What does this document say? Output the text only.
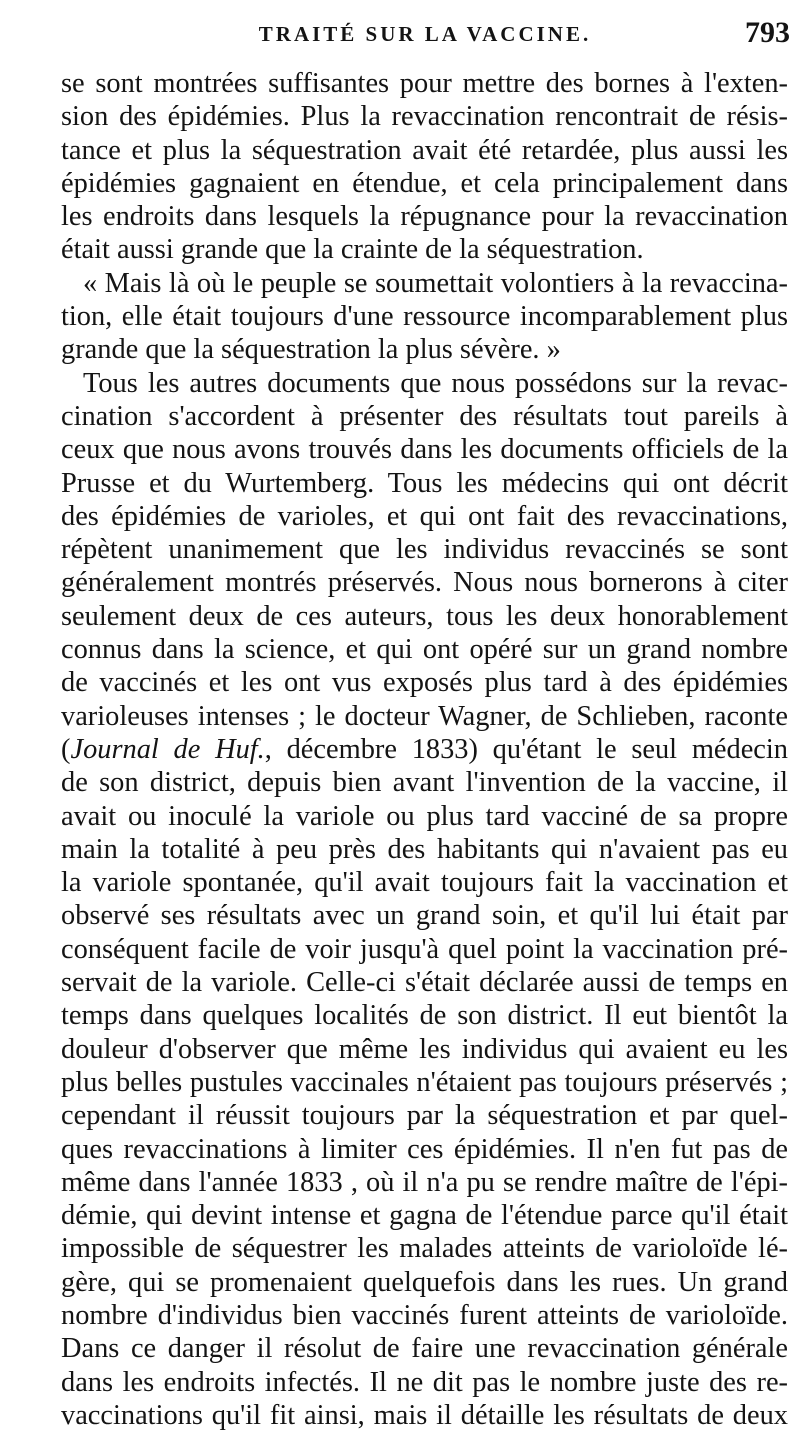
TRAITÉ SUR LA VACCINE.	793
se sont montrées suffisantes pour mettre des bornes à l'exten-
sion des épidémies. Plus la revaccination rencontrait de résis-
tance et plus la séquestration avait été retardée, plus aussi les
épidémies gagnaient en étendue, et cela principalement dans
les endroits dans lesquels la répugnance pour la revaccination
était aussi grande que la crainte de la séquestration.
« Mais là où le peuple se soumettait volontiers à la revaccina-
tion, elle était toujours d'une ressource incomparablement plus
grande que la séquestration la plus sévère. »
Tous les autres documents que nous possédons sur la revac-
cination s'accordent à présenter des résultats tout pareils à
ceux que nous avons trouvés dans les documents officiels de la
Prusse et du Wurtemberg. Tous les médecins qui ont décrit
des épidémies de varioles, et qui ont fait des revaccinations,
répètent unanimement que les individus revaccinés se sont
généralement montrés préservés. Nous nous bornerons à citer
seulement deux de ces auteurs, tous les deux honorablement
connus dans la science, et qui ont opéré sur un grand nombre
de vaccinés et les ont vus exposés plus tard à des épidémies
varioleuses intenses ; le docteur Wagner, de Schlieben, raconte
(Journal de Huf., décembre 1833) qu'étant le seul médecin
de son district, depuis bien avant l'invention de la vaccine, il
avait ou inoculé la variole ou plus tard vacciné de sa propre
main la totalité à peu près des habitants qui n'avaient pas eu
la variole spontanée, qu'il avait toujours fait la vaccination et
observé ses résultats avec un grand soin, et qu'il lui était par
conséquent facile de voir jusqu'à quel point la vaccination pré-
servait de la variole. Celle-ci s'était déclarée aussi de temps en
temps dans quelques localités de son district. Il eut bientôt la
douleur d'observer que même les individus qui avaient eu les
plus belles pustules vaccinales n'étaient pas toujours préservés ;
cependant il réussit toujours par la séquestration et par quel-
ques revaccinations à limiter ces épidémies. Il n'en fut pas de
même dans l'année 1833 , où il n'a pu se rendre maître de l'épi-
démie, qui devint intense et gagna de l'étendue parce qu'il était
impossible de séquestrer les malades atteints de varioloïde lé-
gère, qui se promenaient quelquefois dans les rues. Un grand
nombre d'individus bien vaccinés furent atteints de varioloïde.
Dans ce danger il résolut de faire une revaccination générale
dans les endroits infectés. Il ne dit pas le nombre juste des re-
vaccinations qu'il fit ainsi, mais il détaille les résultats de deux
